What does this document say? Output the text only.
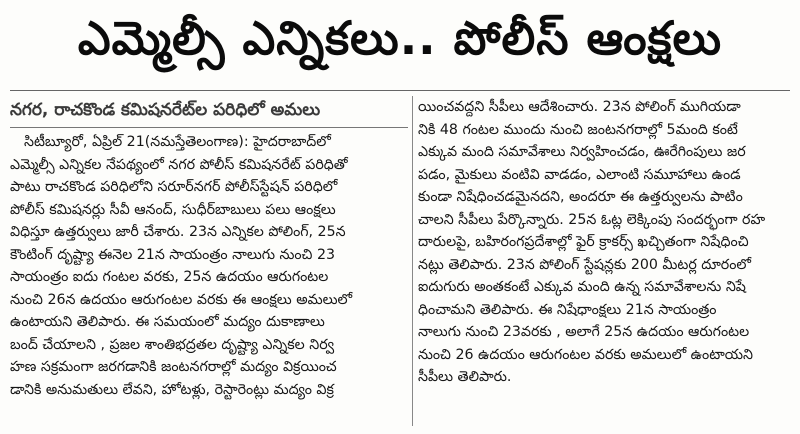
ఎమ్మెల్సీ ఎన్నికలు.. పోలీస్ ఆంక్షలు
నగర, రాచకొండ కమిషనరేట్‌ల పరిధిలో అమలు
సిటీబ్యూరో, ఏప్రిల్ 21(నమస్తేతెలంగాణ): హైదరాబాద్‌లో
ఎమ్మెల్సీ ఎన్నికల నేపథ్యంలో నగర పోలీస్ కమిషనరేట్ పరిధితో
పాటు రాచకొండ పరిధిలోని సరూర్‌నగర్ పోలీస్‌స్టేషన్ పరిధిలో
పోలీస్ కమిషనర్లు సీవీ ఆనంద్, సుధీర్‌బాబులు పలు ఆంక్షలు
విధిస్తూ ఉత్తర్వులు జారీ చేశారు. 23న ఎన్నికల పోలింగ్, 25న
కౌంటింగ్ దృష్ట్యా ఈనెల 21న సాయంత్రం నాలుగు నుంచి 23
సాయంత్రం ఐదు గంటల వరకు, 25న ఉదయం ఆరుగంటల
నుంచి 26న ఉదయం ఆరుగంటల వరకు ఈ ఆంక్షలు అమలులో
ఉంటాయని తెలిపారు. ఈ సమయంలో మద్యం దుకాణాలు
బంద్ చేయాలని , ప్రజల శాంతిభద్రతల దృష్ట్యా ఎన్నికల నిర్వ
హణ సక్రమంగా జరగడానికి జంటనగరాల్లో మద్యం విక్రయించ
డానికి అనుమతులు లేవని, హోటళ్లు, రెస్టారెంట్లు మద్యం విక్ర
యించవద్దని సీపీలు ఆదేశించారు. 23న పోలింగ్ ముగియడా
నికి 48 గంటల ముందు నుంచి జంటనగరాల్లో 5మంది కంటే
ఎక్కువ మంది సమావేశాలు నిర్వహించడం, ఊరేగింపులు జర
పడం, మైకులు వంటివి వాడడం, ఎలాంటి సమూహాలు ఉండ
కుండా నిషేధించడమైనదని, అందరూ ఈ ఉత్తర్వులను పాటిం
చాలని సీపీలు పేర్కొన్నారు. 25న ఓట్ల లెక్కింపు సందర్భంగా రహ
దారులపై, బహిరంగప్రదేశాల్లో ఫైర్ క్రాకర్స్ ఖచ్చితంగా నిషేధించి
నట్లు తెలిపారు. 23న పోలింగ్ స్టేషన్లకు 200 మీటర్ల దూరంలో
ఐదుగురు అంతకంటే ఎక్కువ మంది ఉన్న సమావేశాలను నిషే
ధించామని తెలిపారు. ఈ నిషేధాంక్షలు 21న సాయంత్రం
నాలుగు నుంచి 23వరకు , అలాగే 25న ఉదయం ఆరుగంటల
నుంచి 26 ఉదయం ఆరుగంటల వరకు అమలులో ఉంటాయని
సీపీలు తెలిపారు.
